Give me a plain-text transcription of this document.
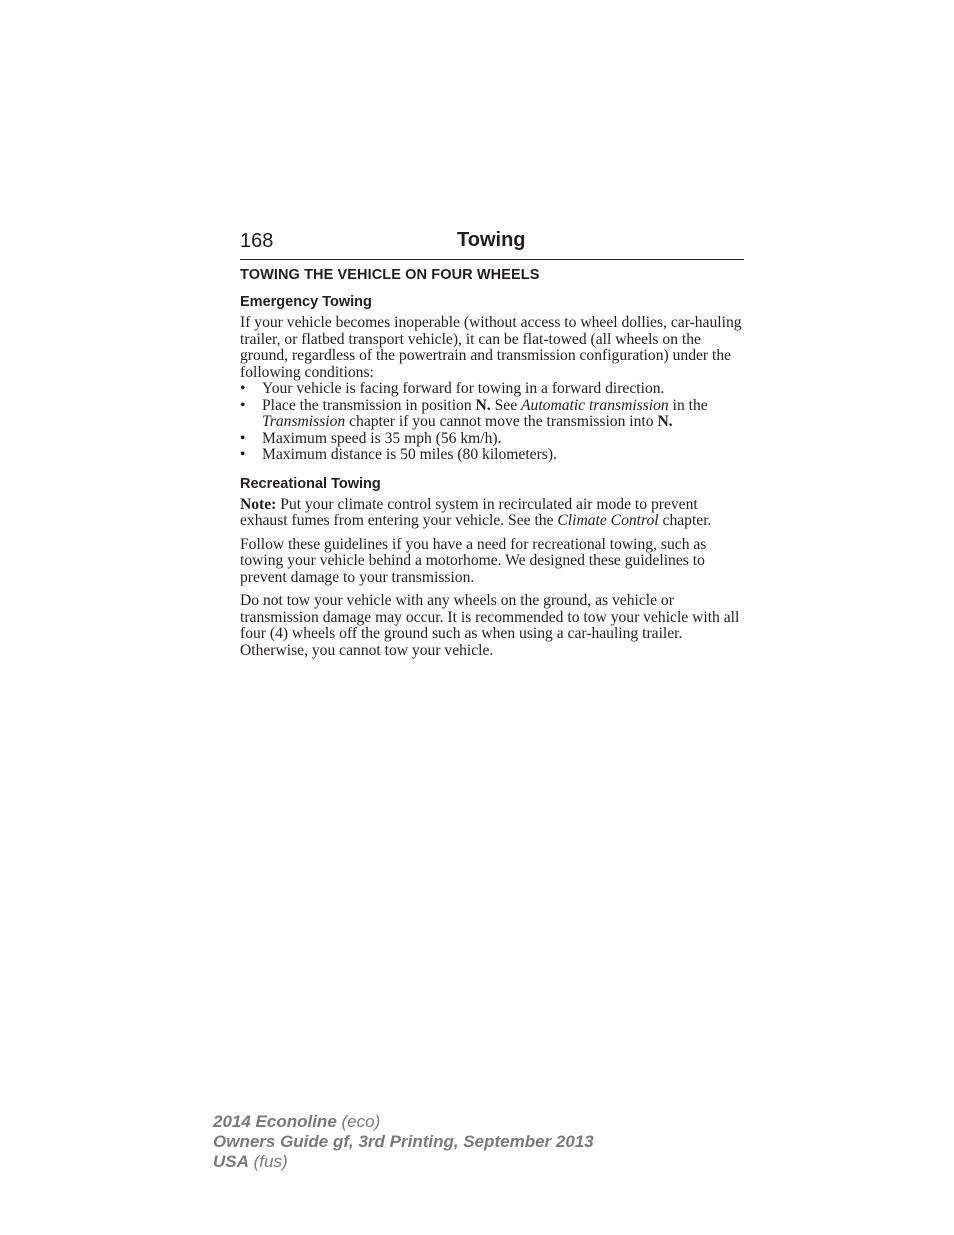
168	Towing
TOWING THE VEHICLE ON FOUR WHEELS
Emergency Towing

If your vehicle becomes inoperable (without access to wheel dollies, car-hauling trailer, or flatbed transport vehicle), it can be flat-towed (all wheels on the ground, regardless of the powertrain and transmission configuration) under the following conditions:

• Your vehicle is facing forward for towing in a forward direction.
• Place the transmission in position N. See Automatic transmission in the Transmission chapter if you cannot move the transmission into N.
• Maximum speed is 35 mph (56 km/h).
• Maximum distance is 50 miles (80 kilometers).
Recreational Towing

Note: Put your climate control system in recirculated air mode to prevent exhaust fumes from entering your vehicle. See the Climate Control chapter.

Follow these guidelines if you have a need for recreational towing, such as towing your vehicle behind a motorhome. We designed these guidelines to prevent damage to your transmission.

Do not tow your vehicle with any wheels on the ground, as vehicle or transmission damage may occur. It is recommended to tow your vehicle with all four (4) wheels off the ground such as when using a car-hauling trailer. Otherwise, you cannot tow your vehicle.

2014 Econoline (eco)
Owners Guide gf, 3rd Printing, September 2013
USA (fus)
